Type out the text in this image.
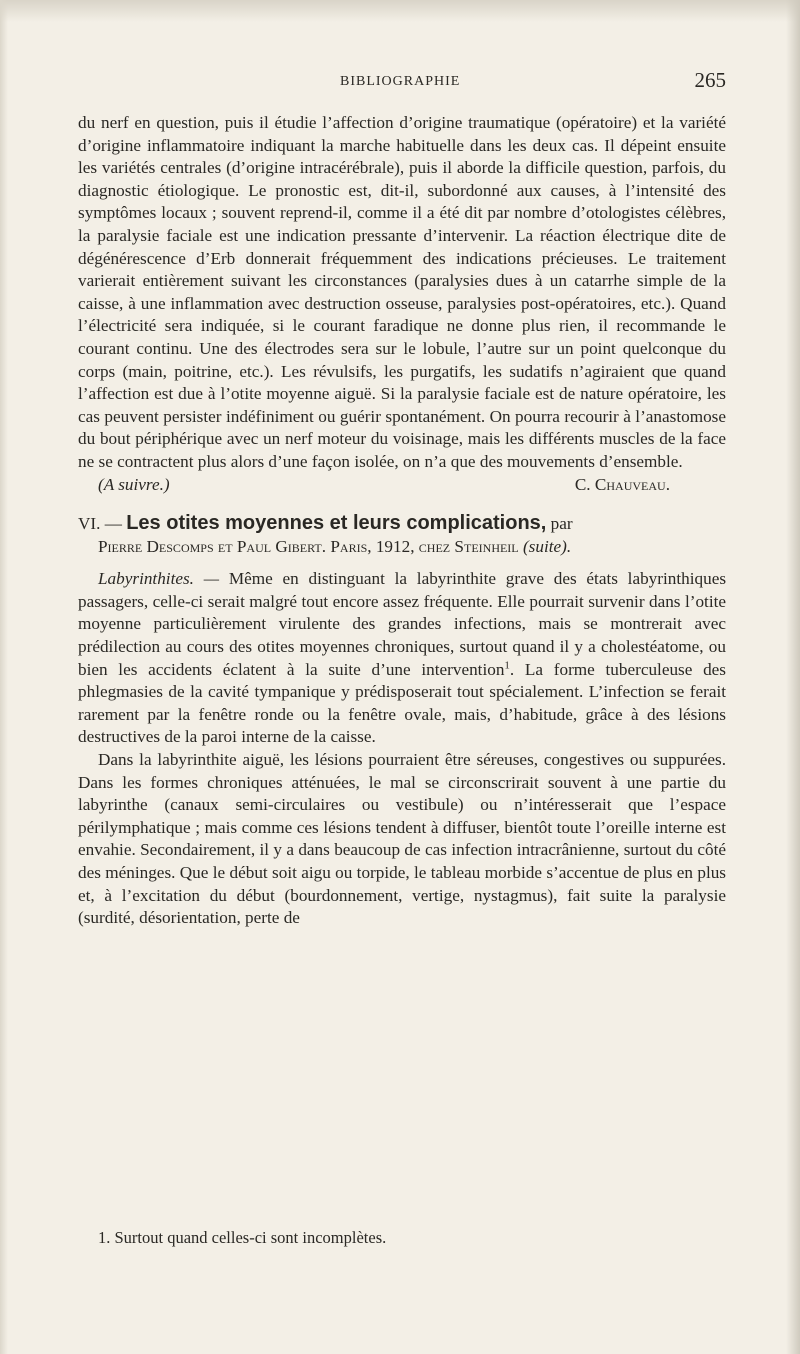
BIBLIOGRAPHIE	265

du nerf en question, puis il étudie l’affection d’origine traumatique (opératoire) et la variété d’origine inflammatoire indiquant la marche habituelle dans les deux cas. Il dépeint ensuite les variétés centrales (d’origine intracérébrale), puis il aborde la difficile question, parfois, du diagnostic étiologique. Le pronostic est, dit-il, subordonné aux causes, à l’intensité des symptômes locaux ; souvent reprend-il, comme il a été dit par nombre d’otologistes célèbres, la paralysie faciale est une indication pressante d’intervenir. La réaction électrique dite de dégénérescence d’Erb donnerait fréquemment des indications précieuses. Le traitement varierait entièrement suivant les circonstances (paralysies dues à un catarrhe simple de la caisse, à une inflammation avec destruction osseuse, paralysies post-opératoires, etc.). Quand l’électricité sera indiquée, si le courant faradique ne donne plus rien, il recommande le courant continu. Une des électrodes sera sur le lobule, l’autre sur un point quelconque du corps (main, poitrine, etc.). Les révulsifs, les purgatifs, les sudatifs n’agiraient que quand l’affection est due à l’otite moyenne aiguë. Si la paralysie faciale est de nature opératoire, les cas peuvent persister indéfiniment ou guérir spontanément. On pourra recourir à l’anastomose du bout périphérique avec un nerf moteur du voisinage, mais les différents muscles de la face ne se contractent plus alors d’une façon isolée, on n’a que des mouvements d’ensemble.

(A suivre.)	C. Chauveau.

VI. — Les otites moyennes et leurs complications, par

Pierre Descomps et Paul Gibert. Paris, 1912, chez Steinheil (suite).

Labyrinthites. — Même en distinguant la labyrinthite grave des états labyrinthiques passagers, celle-ci serait malgré tout encore assez fréquente. Elle pourrait survenir dans l’otite moyenne particulièrement virulente des grandes infections, mais se montrerait avec prédilection au cours des otites moyennes chroniques, surtout quand il y a cholestéatome, ou bien les accidents éclatent à la suite d’une intervention$^1$. La forme tuberculeuse des phlegmasies de la cavité tympanique y prédisposerait tout spécialement. L’infection se ferait rarement par la fenêtre ronde ou la fenêtre ovale, mais, d’habitude, grâce à des lésions destructives de la paroi interne de la caisse.

Dans la labyrinthite aiguë, les lésions pourraient être séreuses, congestives ou suppurées. Dans les formes chroniques atténuées, le mal se circonscrirait souvent à une partie du labyrinthe (canaux semi-circulaires ou vestibule) ou n’intéresserait que l’espace périlymphatique ; mais comme ces lésions tendent à diffuser, bientôt toute l’oreille interne est envahie. Secondairement, il y a dans beaucoup de cas infection intracrânienne, surtout du côté des méninges. Que le début soit aigu ou torpide, le tableau morbide s’accentue de plus en plus et, à l’excitation du début (bourdonnement, vertige, nystagmus), fait suite la paralysie (surdité, désorientation, perte de

1. Surtout quand celles-ci sont incomplètes.
